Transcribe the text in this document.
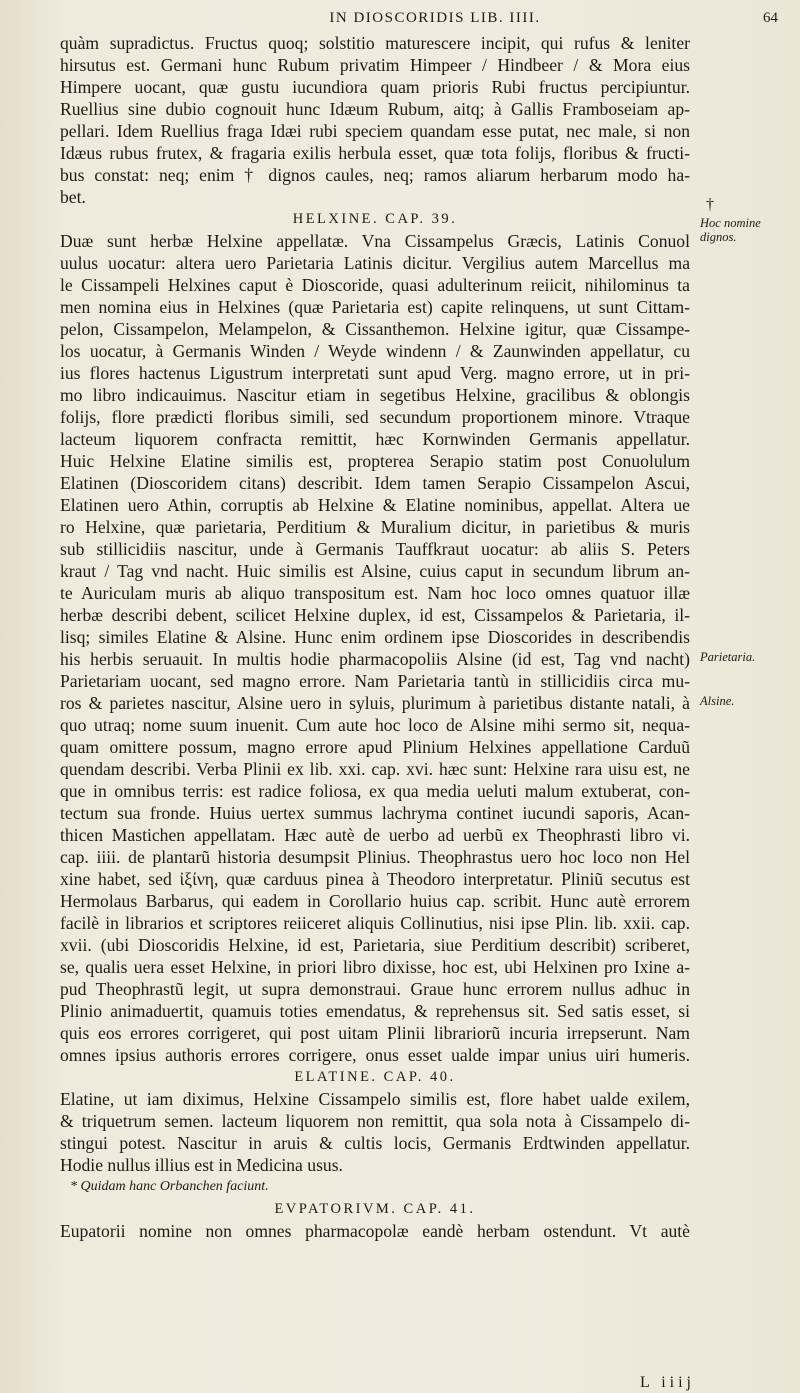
IN DIOSCORIDIS LIB. IIII.	64
quàm supradictus. Fructus quoq; solstitio maturescere incipit, qui rufus & leniter
hirsutus est. Germani hunc Rubum privatim Himpeer / Hindbeer / & Mora eius
Himpere uocant, quæ gustu iucundiora quam prioris Rubi fructus percipiuntur.
Ruellius sine dubio cognouit hunc Idæum Rubum, aitq; à Gallis Framboseiam ap-
pellari. Idem Ruellius fraga Idæi rubi speciem quandam esse putat, nec male, si non
Idæus rubus frutex, & fragaria exilis herbula esset, quæ tota folijs, floribus & fructi-
bus constat: neq; enim † dignos caules, neq; ramos aliarum herbarum modo ha-
bet.
HELXINE. CAP. 39.
Duæ sunt herbæ Helxine appellatæ. Vna Cissampelus Græcis, Latinis Conuol
uulus uocatur: altera uero Parietaria Latinis dicitur. Vergilius autem Marcellus ma
le Cissampeli Helxines caput è Dioscoride, quasi adulterinum reiicit, nihilominus ta
men nomina eius in Helxines (quæ Parietaria est) capite relinquens, ut sunt Cittam-
pelon, Cissampelon, Melampelon, & Cissanthemon. Helxine igitur, quæ Cissampe-
los uocatur, à Germanis Winden / Weyde windenn / & Zaunwinden appellatur, cu
ius flores hactenus Ligustrum interpretati sunt apud Verg. magno errore, ut in pri-
mo libro indicauimus. Nascitur etiam in segetibus Helxine, gracilibus & oblongis
folijs, flore prædicti floribus simili, sed secundum proportionem minore. Vtraque
lacteum liquorem confracta remittit, hæc Kornwinden Germanis appellatur.
Huic Helxine Elatine similis est, propterea Serapio statim post Conuolulum
Elatinen (Dioscoridem citans) describit. Idem tamen Serapio Cissampelon Ascui,
Elatinen uero Athin, corruptis ab Helxine & Elatine nominibus, appellat. Altera ue
ro Helxine, quæ parietaria, Perditium & Muralium dicitur, in parietibus & muris
sub stillicidiis nascitur, unde à Germanis Tauffkraut uocatur: ab aliis S. Peters
kraut / Tag vnd nacht. Huic similis est Alsine, cuius caput in secundum librum an-
te Auriculam muris ab aliquo transpositum est. Nam hoc loco omnes quatuor illæ
herbæ describi debent, scilicet Helxine duplex, id est, Cissampelos & Parietaria, il-
lisq; similes Elatine & Alsine. Hunc enim ordinem ipse Dioscorides in describendis
his herbis seruauit. In multis hodie pharmacopoliis Alsine (id est, Tag vnd nacht)
Parietariam uocant, sed magno errore. Nam Parietaria tantù in stillicidiis circa mu-
ros & parietes nascitur, Alsine uero in syluis, plurimum à parietibus distante natali, à
quo utraq; nome suum inuenit. Cum aute hoc loco de Alsine mihi sermo sit, nequa-
quam omittere possum, magno errore apud Plinium Helxines appellatione Carduũ
quendam describi. Verba Plinii ex lib. xxi. cap. xvi. hæc sunt: Helxine rara uisu est, ne
que in omnibus terris: est radice foliosa, ex qua media ueluti malum extuberat, con-
tectum sua fronde. Huius uertex summus lachryma continet iucundi saporis, Acan-
thicen Mastichen appellatam. Hæc autè de uerbo ad uerbũ ex Theophrasti libro vi.
cap. iiii. de plantarũ historia desumpsit Plinius. Theophrastus uero hoc loco non Hel
xine habet, sed ἰξίνη, quæ carduus pinea à Theodoro interpretatur. Pliniũ secutus est
Hermolaus Barbarus, qui eadem in Corollario huius cap. scribit. Hunc autè errorem
facilè in librarios et scriptores reiiceret aliquis Collinutius, nisi ipse Plin. lib. xxii. cap.
xvii. (ubi Dioscoridis Helxine, id est, Parietaria, siue Perditium describit) scriberet,
se, qualis uera esset Helxine, in priori libro dixisse, hoc est, ubi Helxinen pro Ixine a-
pud Theophrastũ legit, ut supra demonstraui. Graue hunc errorem nullus adhuc in
Plinio animaduertit, quamuis toties emendatus, & reprehensus sit. Sed satis esset, si
quis eos errores corrigeret, qui post uitam Plinii librariorũ incuria irrepserunt. Nam
omnes ipsius authoris errores corrigere, onus esset ualde impar unius uiri humeris.
ELATINE. CAP. 40.
Elatine, ut iam diximus, Helxine Cissampelo similis est, flore habet ualde exilem,
& triquetrum semen. lacteum liquorem non remittit, qua sola nota à Cissampelo di-
stingui potest. Nascitur in aruis & cultis locis, Germanis Erdtwinden appellatur.
Hodie nullus illius est in Medicina usus.
* Quidam hanc Orbanchen faciunt.
EVPATORIVM. CAP. 41.
Eupatorii nomine non omnes pharmacopolæ eandè herbam ostendunt. Vt autè
†
Hoc nomine dignos.
Parietaria.
Alsine.
L iiij
